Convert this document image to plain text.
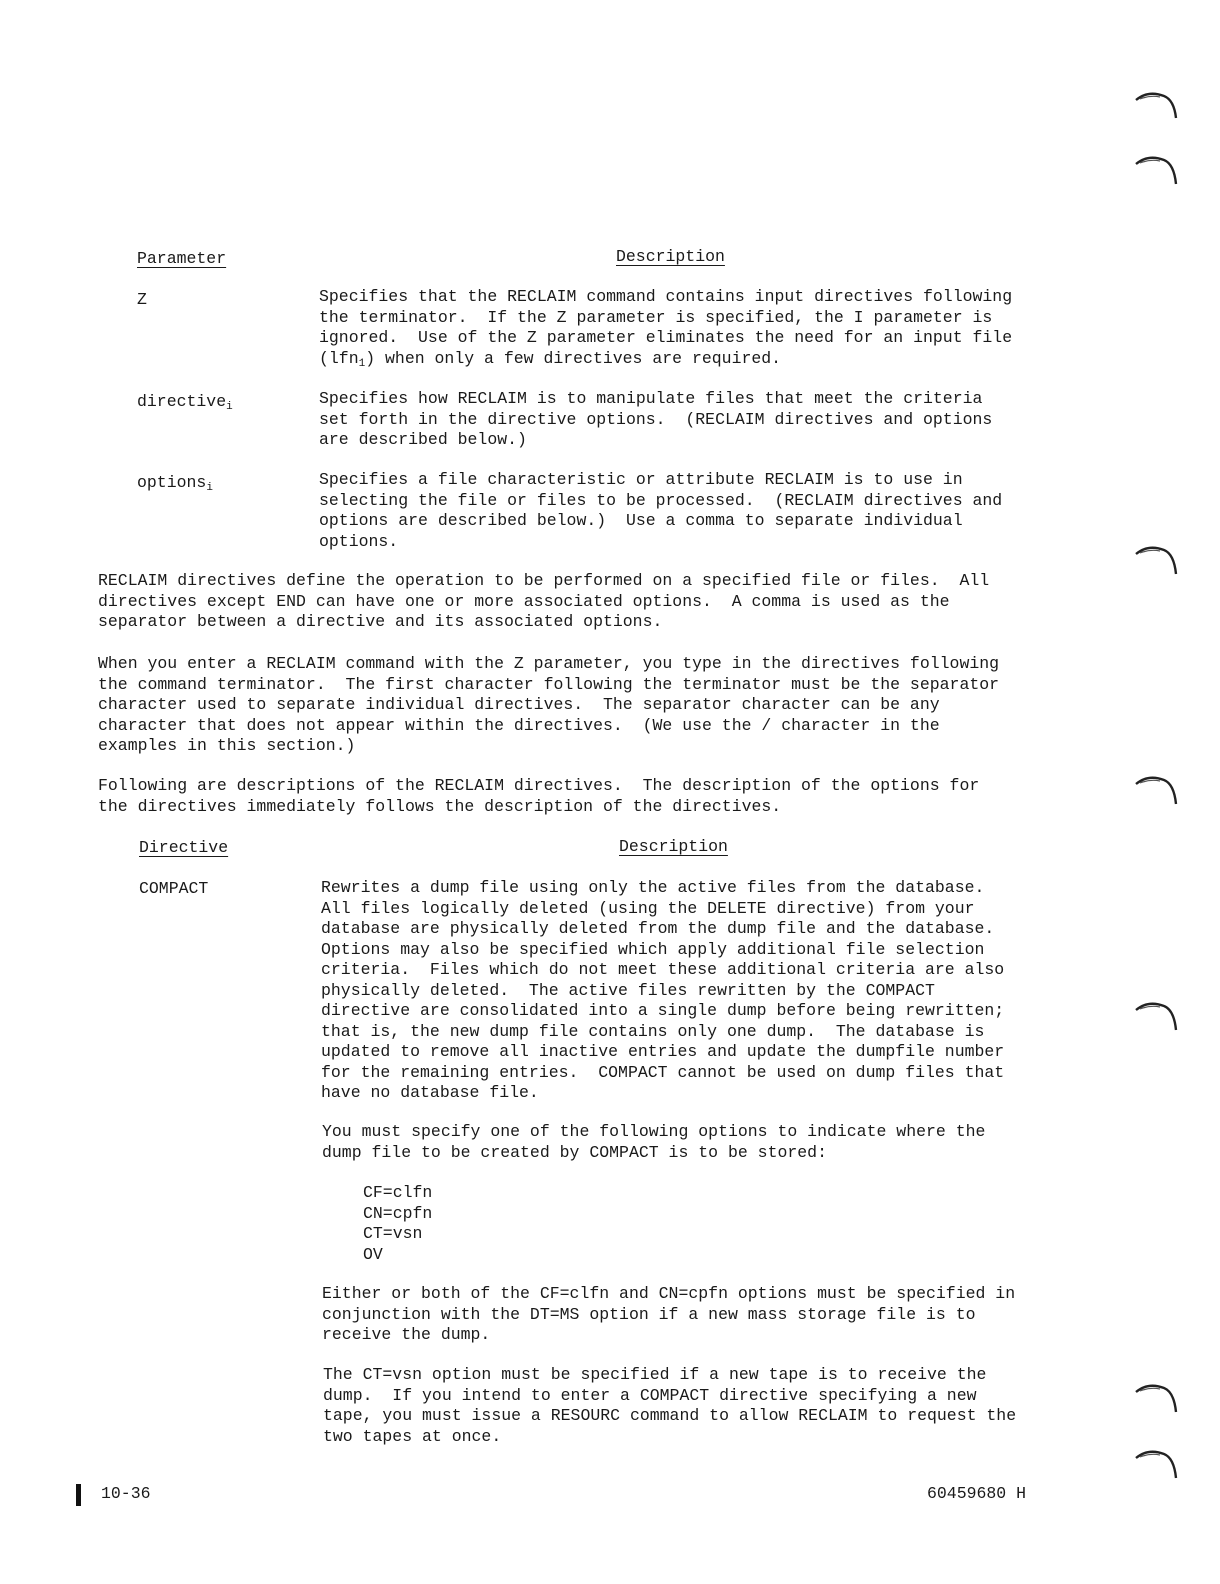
Parameter	Description
Z	Specifies that the RECLAIM command contains input directives following
the terminator.  If the Z parameter is specified, the I parameter is
ignored.  Use of the Z parameter eliminates the need for an input file
(lfn$_1$) when only a few directives are required.
directive$_i$	Specifies how RECLAIM is to manipulate files that meet the criteria
set forth in the directive options.  (RECLAIM directives and options
are described below.)
options$_i$	Specifies a file characteristic or attribute RECLAIM is to use in
selecting the file or files to be processed.  (RECLAIM directives and
options are described below.)  Use a comma to separate individual
options.
RECLAIM directives define the operation to be performed on a specified file or files.  All
directives except END can have one or more associated options.  A comma is used as the
separator between a directive and its associated options.
When you enter a RECLAIM command with the Z parameter, you type in the directives following
the command terminator.  The first character following the terminator must be the separator
character used to separate individual directives.  The separator character can be any
character that does not appear within the directives.  (We use the / character in the
examples in this section.)
Following are descriptions of the RECLAIM directives.  The description of the options for
the directives immediately follows the description of the directives.
Directive	Description
COMPACT	Rewrites a dump file using only the active files from the database.
All files logically deleted (using the DELETE directive) from your
database are physically deleted from the dump file and the database.
Options may also be specified which apply additional file selection
criteria.  Files which do not meet these additional criteria are also
physically deleted.  The active files rewritten by the COMPACT
directive are consolidated into a single dump before being rewritten;
that is, the new dump file contains only one dump.  The database is
updated to remove all inactive entries and update the dumpfile number
for the remaining entries.  COMPACT cannot be used on dump files that
have no database file.
You must specify one of the following options to indicate where the
dump file to be created by COMPACT is to be stored:
CF=clfn
CN=cpfn
CT=vsn
OV
Either or both of the CF=clfn and CN=cpfn options must be specified in
conjunction with the DT=MS option if a new mass storage file is to
receive the dump.
The CT=vsn option must be specified if a new tape is to receive the
dump.  If you intend to enter a COMPACT directive specifying a new
tape, you must issue a RESOURC command to allow RECLAIM to request the
two tapes at once.
10-36	60459680 H
